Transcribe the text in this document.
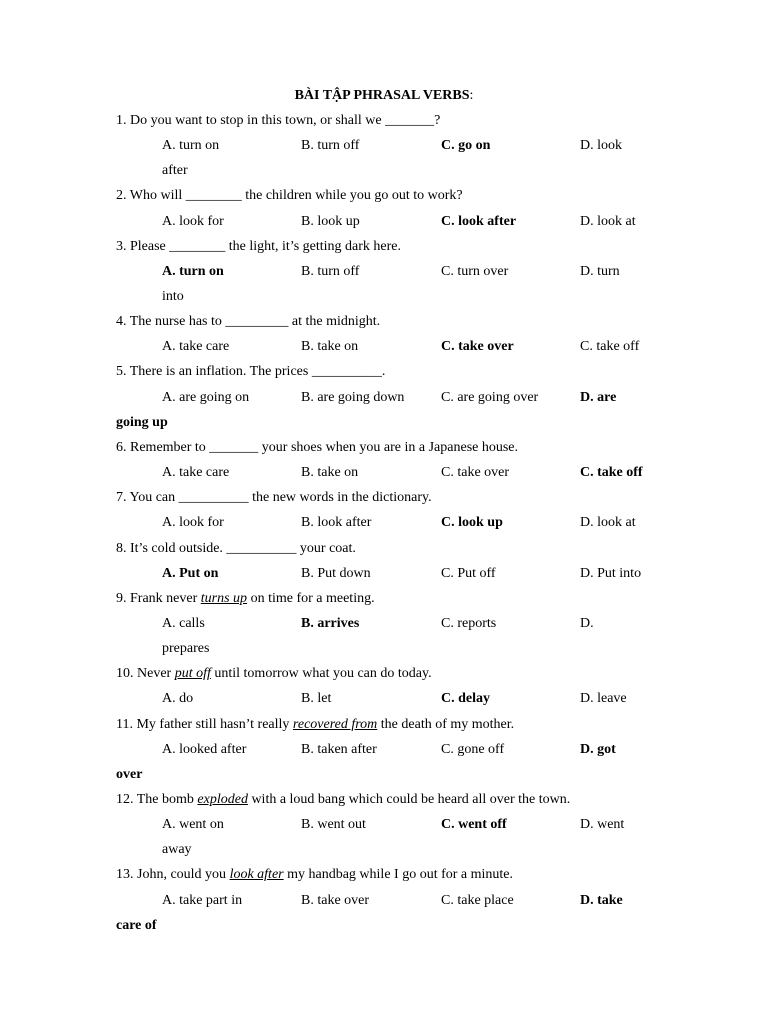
BÀI TẬP PHRASAL VERBS:
1. Do you want to stop in this town, or shall we _______?
A. turn on	B. turn off	C. go on	D. look
after
2. Who will ________ the children while you go out to work?
A. look for	B. look up	C. look after	D. look at
3. Please ________ the light, it’s getting dark here.
A. turn on	B. turn off	C. turn over	D. turn
into
4. The nurse has to _________ at the midnight.
A. take care	B. take on	C. take over	C. take off
5. There is an inflation. The prices __________.
A. are going on	B. are going down	C. are going over	D. are
going up
6. Remember to _______ your shoes when you are in a Japanese house.
A. take care	B. take on	C. take over	C. take off
7. You can __________ the new words in the dictionary.
A. look for	B. look after	C. look up	D. look at
8. It’s cold outside. __________ your coat.
A. Put on	B. Put down	C. Put off	D. Put into
9. Frank never turns up on time for a meeting.
A. calls	B. arrives	C. reports	D.
prepares
10. Never put off until tomorrow what you can do today.
A. do	B. let	C. delay	D. leave
11. My father still hasn’t really recovered from the death of my mother.
A. looked after	B. taken after	C. gone off	D. got
over
12. The bomb exploded with a loud bang which could be heard all over the town.
A. went on	B. went out	C. went off	D. went
away
13. John, could you look after my handbag while I go out for a minute.
A. take part in	B. take over	C. take place	D. take
care of
